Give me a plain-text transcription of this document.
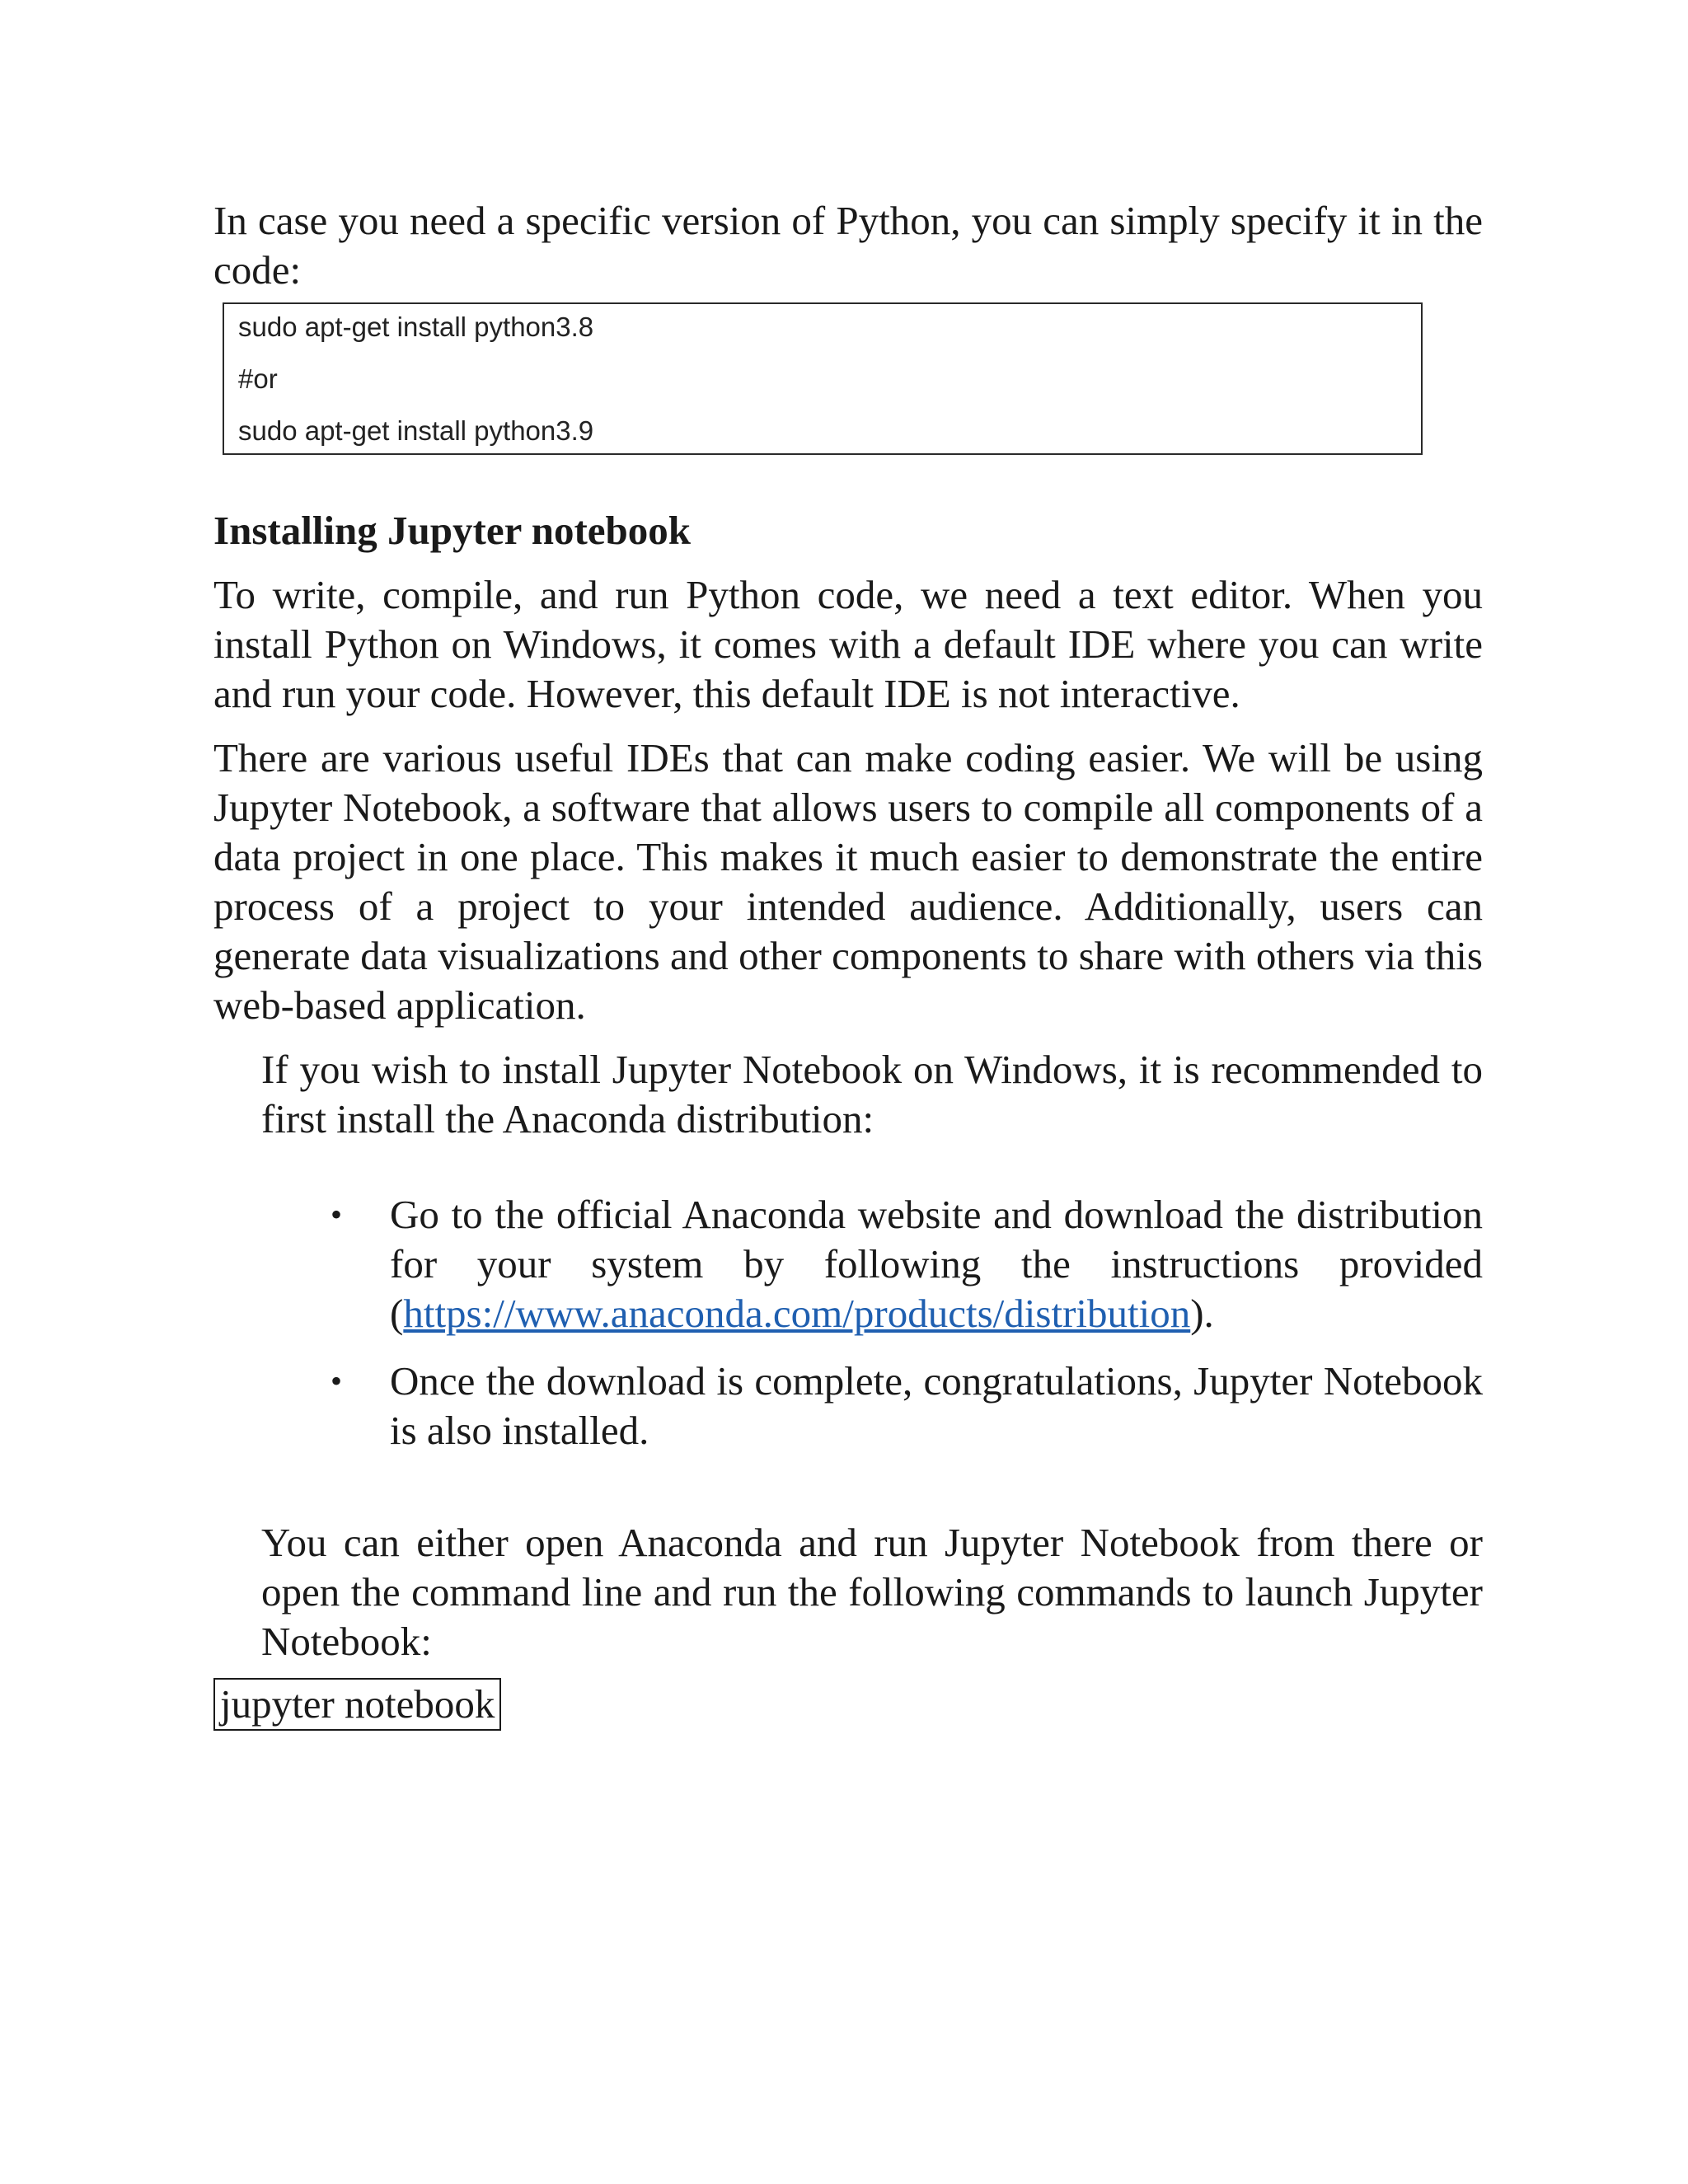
In case you need a specific version of Python, you can simply specify it in the code:

sudo apt-get install python3.8
#or
sudo apt-get install python3.9
Installing Jupyter notebook

To write, compile, and run Python code, we need a text editor. When you install Python on Windows, it comes with a default IDE where you can write and run your code. However, this default IDE is not interactive.

There are various useful IDEs that can make coding easier. We will be using Jupyter Notebook, a software that allows users to compile all components of a data project in one place. This makes it much easier to demonstrate the entire process of a project to your intended audience. Additionally, users can generate data visualizations and other components to share with others via this web-based application.

If you wish to install Jupyter Notebook on Windows, it is recommended to first install the Anaconda distribution:

• Go to the official Anaconda website and download the distribution for your system by following the instructions provided (https://www.anaconda.com/products/distribution).
• Once the download is complete, congratulations, Jupyter Notebook is also installed.

You can either open Anaconda and run Jupyter Notebook from there or open the command line and run the following commands to launch Jupyter Notebook:

jupyter notebook
